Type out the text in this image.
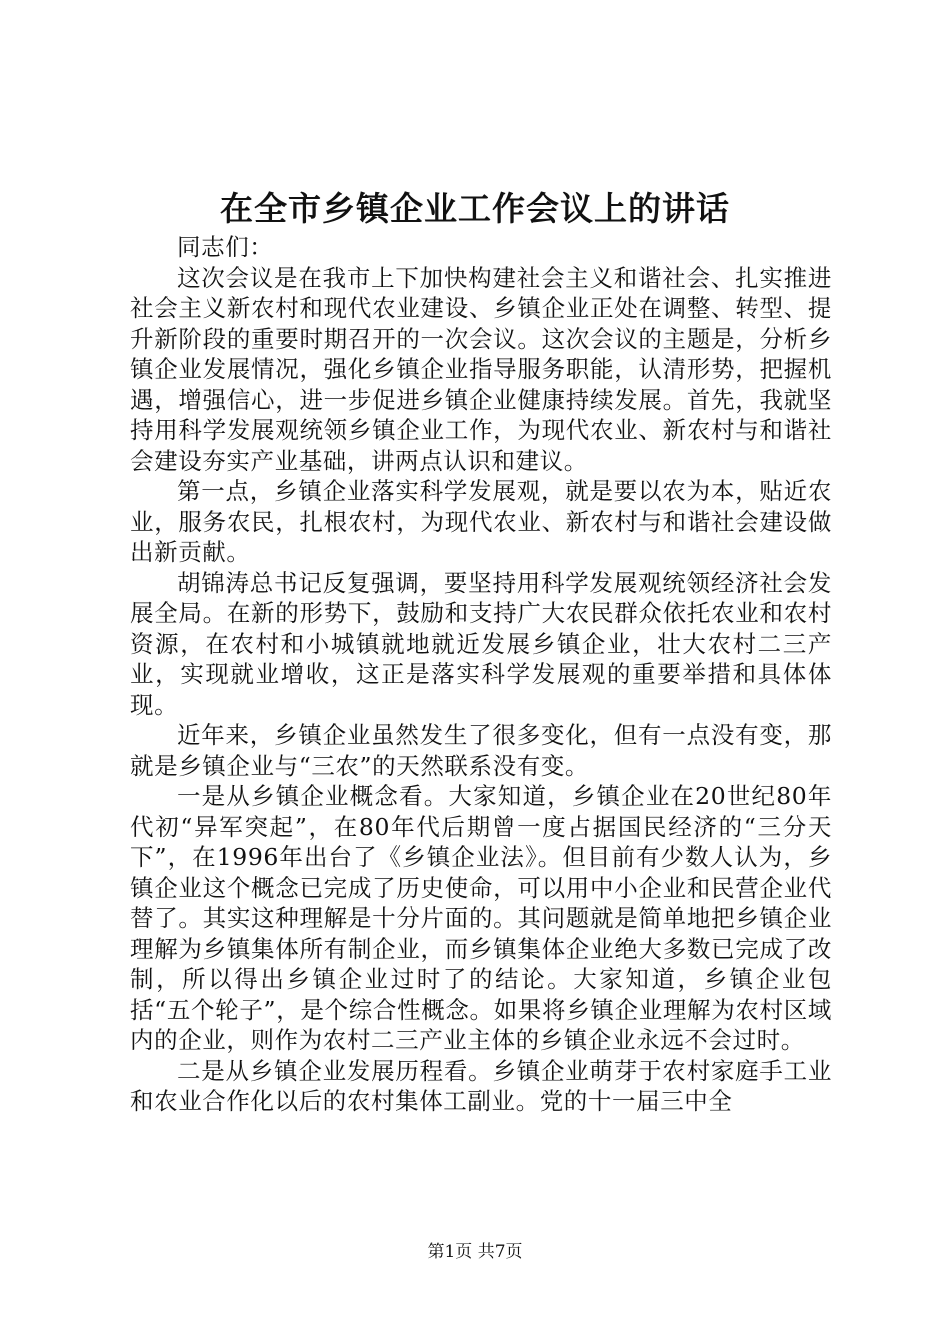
在全市乡镇企业工作会议上的讲话

同志们：

这次会议是在我市上下加快构建社会主义和谐社会、扎实推进社会主义新农村和现代农业建设、乡镇企业正处在调整、转型、提升新阶段的重要时期召开的一次会议。这次会议的主题是，分析乡镇企业发展情况，强化乡镇企业指导服务职能，认清形势，把握机遇，增强信心，进一步促进乡镇企业健康持续发展。首先，我就坚持用科学发展观统领乡镇企业工作，为现代农业、新农村与和谐社会建设夯实产业基础，讲两点认识和建议。

第一点，乡镇企业落实科学发展观，就是要以农为本，贴近农业，服务农民，扎根农村，为现代农业、新农村与和谐社会建设做出新贡献。

胡锦涛总书记反复强调，要坚持用科学发展观统领经济社会发展全局。在新的形势下，鼓励和支持广大农民群众依托农业和农村资源，在农村和小城镇就地就近发展乡镇企业，壮大农村二三产业，实现就业增收，这正是落实科学发展观的重要举措和具体体现。

近年来，乡镇企业虽然发生了很多变化，但有一点没有变，那就是乡镇企业与“三农”的天然联系没有变。

一是从乡镇企业概念看。大家知道，乡镇企业在20世纪80年代初“异军突起”，在80年代后期曾一度占据国民经济的“三分天下”，在1996年出台了《乡镇企业法》。但目前有少数人认为，乡镇企业这个概念已完成了历史使命，可以用中小企业和民营企业代替了。其实这种理解是十分片面的。其问题就是简单地把乡镇企业理解为乡镇集体所有制企业，而乡镇集体企业绝大多数已完成了改制，所以得出乡镇企业过时了的结论。大家知道，乡镇企业包括“五个轮子”，是个综合性概念。如果将乡镇企业理解为农村区域内的企业，则作为农村二三产业主体的乡镇企业永远不会过时。

二是从乡镇企业发展历程看。乡镇企业萌芽于农村家庭手工业和农业合作化以后的农村集体工副业。党的十一届三中全

第1页 共7页
